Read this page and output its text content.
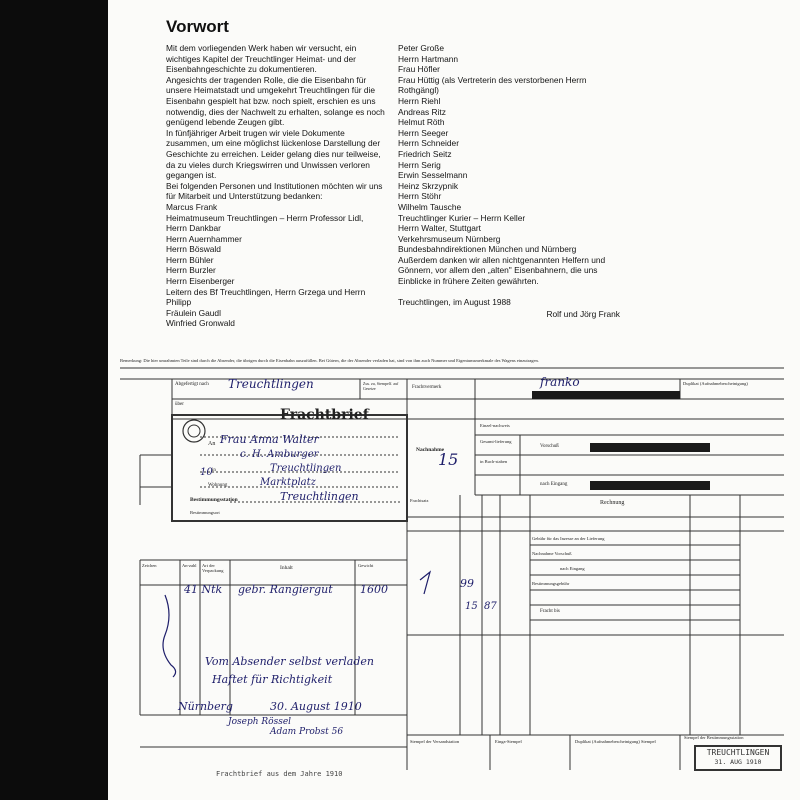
Vorwort

Mit dem vorliegenden Werk haben wir versucht, ein wichtiges Kapitel der Treuchtlinger Heimat- und der Eisenbahngeschichte zu dokumentieren.

Angesichts der tragenden Rolle, die die Eisenbahn für unsere Heimatstadt und umgekehrt Treuchtlingen für die Eisenbahn gespielt hat bzw. noch spielt, erschien es uns notwendig, dies der Nachwelt zu erhalten, solange es noch genügend lebende Zeugen gibt.

In fünfjähriger Arbeit trugen wir viele Dokumente zusammen, um eine möglichst lückenlose Darstellung der Geschichte zu erreichen. Leider gelang dies nur teilweise, da zu vieles durch Kriegswirren und Unwissen verloren gegangen ist.

Bei folgenden Personen und Institutionen möchten wir uns für Mitarbeit und Unterstützung bedanken:

Marcus Frank

Heimatmuseum Treuchtlingen – Herrn Professor Lidl,

Herrn Dankbar

Herrn Auernhammer

Herrn Böswald

Herrn Bühler

Herrn Burzler

Herrn Eisenberger

Leitern des Bf Treuchtlingen, Herrn Grzega und Herrn Philipp

Fräulein Gaudl

Winfried Gronwald

Peter Große

Herrn Hartmann

Frau Höfler

Frau Hüttig (als Vertreterin des verstorbenen Herrn Rothgängl)

Herrn Riehl

Andreas Ritz

Helmut Röth

Herrn Seeger

Herrn Schneider

Friedrich Seitz

Herrn Serig

Erwin Sesselmann

Heinz Skrzypnik

Herrn Stöhr

Wilhelm Tausche

Treuchtlinger Kurier – Herrn Keller

Herrn Walter, Stuttgart

Verkehrsmuseum Nürnberg

Bundesbahndirektionen München und Nürnberg

Außerdem danken wir allen nichtgenannten Helfern und Gönnern, vor allem den „alten" Eisenbahnern, die uns Einblicke in frühere Zeiten gewährten.

Treuchtlingen, im August 1988

Rolf und Jörg Frank
Bemerkung: Die hier umrahmten Teile sind durch die Absender, die übrigen durch die Eisenbahn auszufüllen. Bei Gütern, die der Absender verladen hat, sind von ihm auch Nummer und Eigentumsmerkmale des Wagens einzutragen.
Abgefertigt nach Treuchtlingen
über
Zus. zu, Stempelf. auf Gesetze	Frachtvermerk	franko	Duplikat (Aufnahmebescheinigung)
Frachtbrief
An Frau Anna Walter
c. H. Amburger
in	Treuchtlingen
Wohnung	Marktplatz
Bestimmungsstation	Treuchtlingen
Bestimmungsort
10
Nachnahme
Einzel-nachweis
Gesamt-lieferung
Vorschuß
in Buch-staben
nach Eingang
15
Frachtsatz	Rechnung
Gebühr für das Inzesse an der Lieferung
Nachnahme Vorschuß
nach Eingang
Bestimmungsgebühr
Fracht bis
99
15 87
Zeichen	An-zahl	Art der Verpackung	Inhalt	Gewicht
41 Ntk gebr. Rangiergut 1600
Vom Absender selbst verladen
Haftet für Richtigkeit
Nürnberg	30. August 1910
Joseph Rössel
Adam Probst 56
Stempel der Versandstation	Einga-Stempel	Duplikat (Aufnahmebescheinigung) Stempel
Stempel der Bestimmungsstation
TREUCHTLINGEN
31. AUG 1910
Frachtbrief aus dem Jahre 1910
